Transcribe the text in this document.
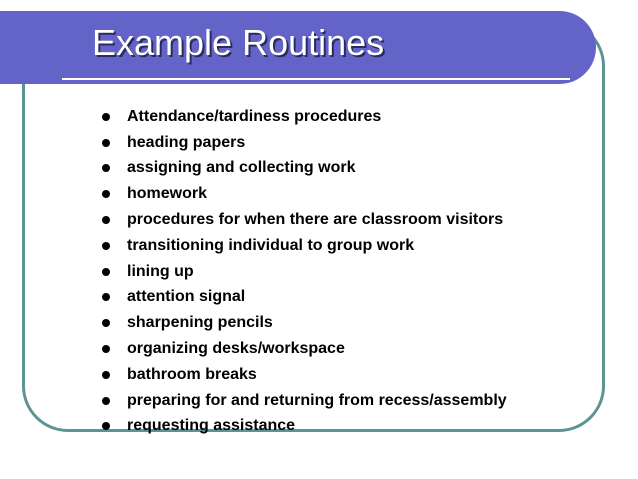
Example Routines
Attendance/tardiness procedures
heading papers
assigning and collecting work
homework
procedures for when there are classroom visitors
transitioning individual to group work
lining up
attention signal
sharpening pencils
organizing desks/workspace
bathroom breaks
preparing for and returning from recess/assembly
requesting assistance
